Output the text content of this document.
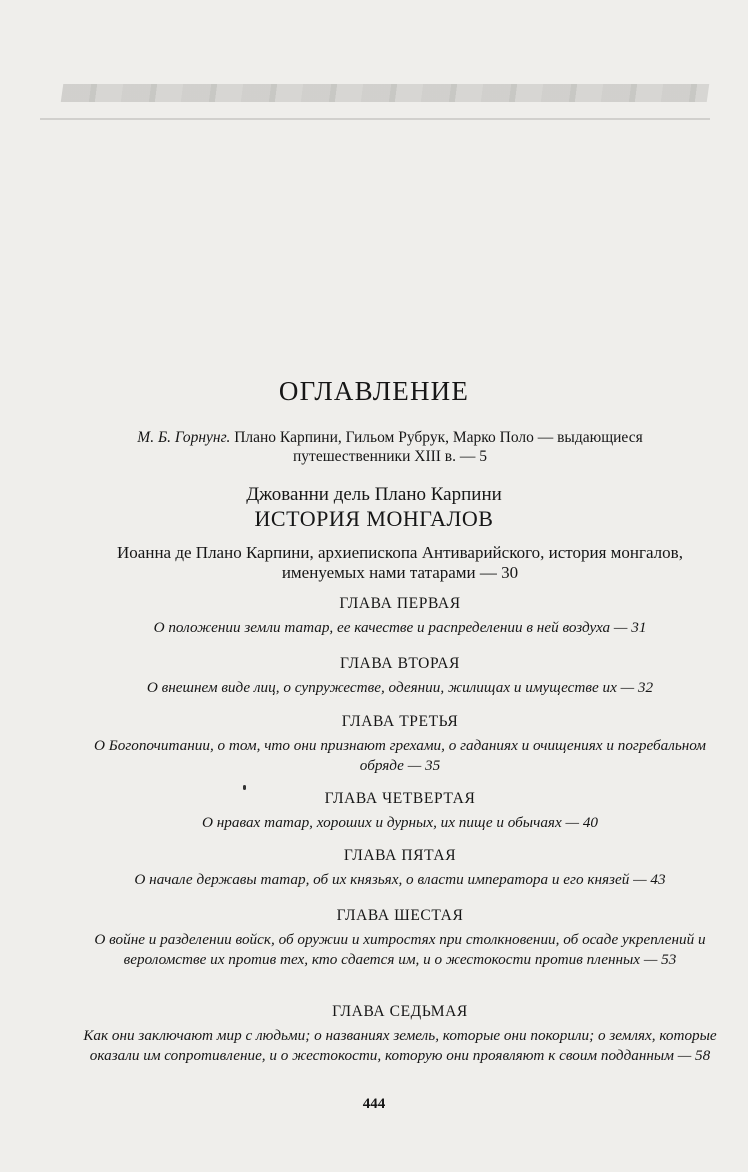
ОГЛАВЛЕНИЕ
М. Б. Горнунг. Плано Карпини, Гильом Рубрук, Марко Поло — выдающиеся путешественники XIII в. — 5
Джованни дель Плано Карпини
ИСТОРИЯ МОНГАЛОВ
Иоанна де Плано Карпини, архиепископа Антиварийского, история монгалов, именуемых нами татарами — 30
ГЛАВА ПЕРВАЯ
О положении земли татар, ее качестве и распределении в ней воздуха — 31
ГЛАВА ВТОРАЯ
О внешнем виде лиц, о супружестве, одеянии, жилищах и имуществе их — 32
ГЛАВА ТРЕТЬЯ
О Богопочитании, о том, что они признают грехами, о гаданиях и очищениях и погребальном обряде — 35
ГЛАВА ЧЕТВЕРТАЯ
О нравах татар, хороших и дурных, их пище и обычаях — 40
ГЛАВА ПЯТАЯ
О начале державы татар, об их князьях, о власти императора и его князей — 43
ГЛАВА ШЕСТАЯ
О войне и разделении войск, об оружии и хитростях при столкновении, об осаде укреплений и вероломстве их против тех, кто сдается им, и о жестокости против пленных — 53
ГЛАВА СЕДЬМАЯ
Как они заключают мир с людьми; о названиях земель, которые они покорили; о землях, которые оказали им сопротивление, и о жестокости, которую они проявляют к своим подданным — 58
444
